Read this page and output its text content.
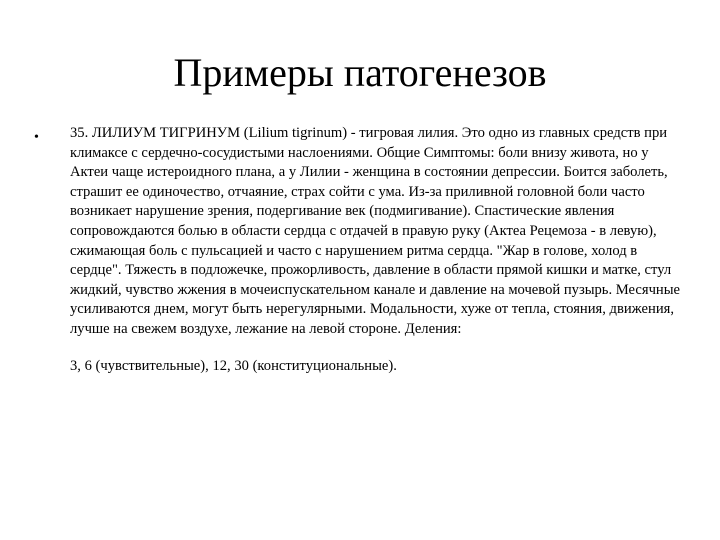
Примеры патогенезов
• 35. ЛИЛИУМ ТИГРИНУМ (Lilium tigrinum) - тигровая лилия. Это одно из главных средств при климаксе с сердечно-сосудистыми наслоениями. Общие Симптомы: боли внизу живота, но у Актеи чаще истероидного плана, а у Лилии - женщина в состоянии депрессии. Боится заболеть, страшит ее одиночество, отчаяние, страх сойти с ума. Из-за приливной головной боли часто возникает нарушение зрения, подергивание век (подмигивание). Спастические явления сопровождаются болью в области сердца с отдачей в правую руку (Актеа Рецемоза - в левую), сжимающая боль с пульсацией и часто с нарушением ритма сердца. "Жар в голове, холод в сердце". Тяжесть в подложечке, прожорливость, давление в области прямой кишки и матке, стул жидкий, чувство жжения в мочеиспускательном канале и давление на мочевой пузырь. Месячные усиливаются днем, могут быть нерегулярными. Модальности, хуже от тепла, стояния, движения, лучше на свежем воздухе, лежание на левой стороне. Деления:

3, 6 (чувствительные), 12, 30 (конституциональные).
